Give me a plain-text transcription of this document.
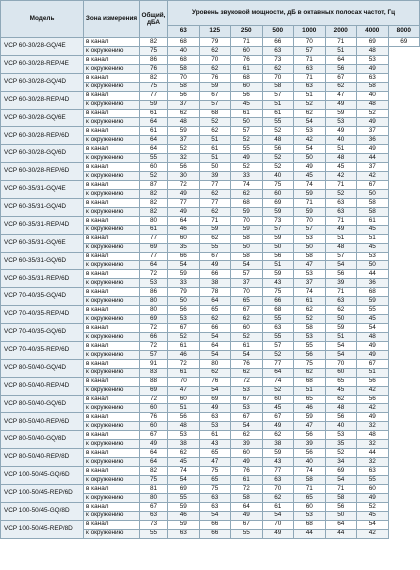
Модель	Зона измерения	Общий, дБА	Уровень звуковой мощности, дБ в октавных полосах частот, Гц							
			63	125	250	500	1000	2000	4000	8000
VCP 60-30/28-GQ/4E	в канал	82	68	79	71	66	70	71	69	69
	к окружению	75	40	62	60	63	57	51	48	
VCP 60-30/28-REP/4E	в канал	86	68	70	76	73	71	64	53	
	к окружению	76	58	62	61	62	63	56	49	
VCP 60-30/28-GQ/4D	в канал	82	70	76	68	70	71	67	63	
	к окружению	75	58	59	60	58	63	62	58	
VCP 60-30/28-REP/4D	в канал	77	56	67	56	57	51	47	40	
	к окружению	59	37	57	45	51	52	49	48	
VCP 60-30/28-GQ/6E	в канал	61	62	68	61	61	62	59	52	
	к окружению	64	48	52	50	55	54	53	49	
VCP 60-30/28-REP/6D	в канал	61	59	62	57	52	53	49	37	
	к окружению	64	37	51	52	48	42	40	36	
VCP 60-30/28-GQ/6D	в канал	64	52	61	55	56	54	51	49	
	к окружению	55	32	51	49	52	50	48	44	
VCP 60-30/28-REP/6D	в канал	60	56	50	52	52	49	45	37	
	к окружению	52	30	39	33	40	45	42	42	
VCP 60-35/31-GQ/4E	в канал	87	72	77	74	75	74	71	67	
	к окружению	82	49	62	62	60	59	52	50	
VCP 60-35/31-GQ/4D	в канал	82	77	77	68	69	71	63	58	
	к окружению	82	49	62	59	59	59	63	58	
VCP 60-35/31-REP/4D	в канал	80	64	71	70	73	70	71	61	
	к окружению	61	46	59	59	57	57	49	45	
VCP 60-35/31-GQ/6E	в канал	77	60	62	58	59	53	51	51	
	к окружению	69	35	55	50	50	50	48	45	
VCP 60-35/31-GQ/6D	в канал	77	66	67	58	56	58	57	53	
	к окружению	64	54	49	54	51	47	54	50	
VCP 60-35/31-REP/6D	в канал	72	59	66	57	59	53	56	44	
	к окружению	53	33	38	37	43	37	39	36	
VCP 70-40/35-GQ/4D	в канал	86	79	78	70	75	74	71	68	
	к окружению	80	50	64	65	66	61	63	59	
VCP 70-40/35-REP/4D	в канал	80	56	65	67	68	62	62	55	
	к окружению	69	53	62	62	55	52	50	45	
VCP 70-40/35-GQ/6D	в канал	72	67	66	60	63	58	59	54	
	к окружению	66	52	54	52	55	53	51	48	
VCP 70-40/35-REP/6D	в канал	72	61	64	61	57	55	54	49	
	к окружению	57	46	54	54	52	56	54	49	
VCP 80-50/40-GQ/4D	в канал	91	72	80	76	77	75	70	67	
	к окружению	83	61	62	62	64	62	60	51	
VCP 80-50/40-REP/4D	в канал	88	70	76	72	74	68	65	56	
	к окружению	69	47	54	53	52	51	45	42	
VCP 80-50/40-GQ/6D	в канал	72	60	69	67	60	65	62	56	
	к окружению	60	51	49	53	45	46	48	42	
VCP 80-50/40-REP/6D	в канал	76	56	63	67	67	59	56	49	
	к окружению	60	48	53	54	49	47	40	32	
VCP 80-50/40-GQ/8D	в канал	67	53	61	62	62	56	53	48	
	к окружению	49	38	43	39	38	39	35	32	
VCP 80-50/40-REP/8D	в канал	64	62	65	60	59	56	52	44	
	к окружению	64	45	47	49	43	40	34	32	
VCP 100-50/45-GQ/6D	в канал	82	74	75	76	77	74	69	63	
	к окружению	75	54	65	61	63	58	54	55	
VCP 100-50/45-REP/6D	в канал	81	69	75	72	70	71	71	60	
	к окружению	80	55	63	58	62	65	58	49	
VCP 100-50/45-GQ/8D	в канал	67	59	63	64	61	60	56	52	
	к окружению	63	46	54	49	54	53	50	45	
VCP 100-50/45-REP/8D	в канал	73	59	66	67	70	68	64	54	
	к окружению	55	63	66	55	49	44	44	42	
